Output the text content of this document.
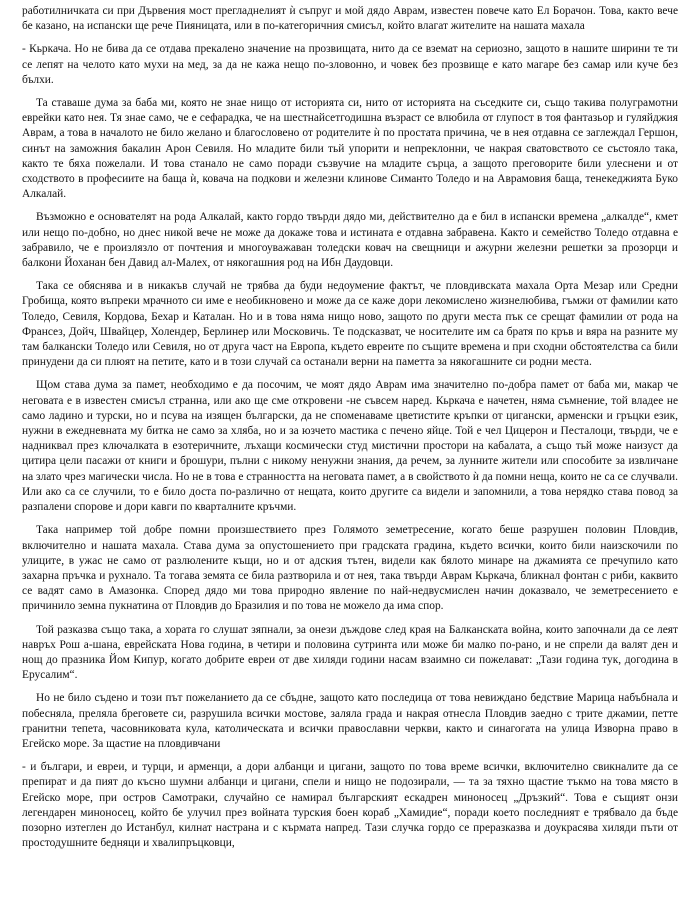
работилничката си при Дървения мост прегладнелият ѝ съпруг и мой дядо Аврам, известен повече като Ел Борачон. Това, както вече бе казано, на испански ще рече Пияницата, или в по-категоричния смисъл, който влагат жителите на нашата махала

- Кьркача. Но не бива да се отдава прекалено значение на прозвищата, нито да се вземат на сериозно, защото в нашите ширини те ти се лепят на челото като мухи на мед, за да не кажа нещо по-зловонно, и човек без прозвище е като магаре без самар или куче без бълхи.

Та ставаше дума за баба ми, която не знае нищо от историята си, нито от историята на съседките си, също такива полуграмотни еврейки като нея. Тя знае само, че е сефарадка, че на шестнайсетгодишна възраст се влюбила от глупост в тоя фантазьор и гуляйджия Аврам, а това в началото не било желано и благословено от родителите ѝ по простата причина, че в нея отдавна се заглеждал Гершон, синът на заможния бакалин Арон Севиля. Но младите били тьй упорити и непреклонни, че накрая сватовството се състояло така, както те бяха пожелали. И това станало не само поради съзвучие на младите сърца, а защото преговорите били улеснени и от сходството в професиите на баща ѝ, ковача на подкови и железни клинове Симанто Толедо и на Аврамовия баща, тенекеджията Буко Алкалай.

Възможно е основателят на рода Алкалай, както гордо твърди дядо ми, действително да е бил в испански времена „алкалде“, кмет или нещо по-добно, но днес никой вече не може да докаже това и истината е отдавна забравена. Както и семейство Толедо отдавна е забравило, че е произлязло от почтения и многоуважаван толедски ковач на свещници и ажурни железни решетки за прозорци и балкони Йоханан бен Давид ал-Малех, от някогашния род на Ибн Даудовци.

Така се обяснява и в никакъв случай не трябва да буди недоумение фактът, че пловдивската махала Орта Мезар или Средни Гробища, която въпреки мрачното си име е необикновено и може да се каже дори лекомислено жизнелюбива, гъмжи от фамилии като Толедо, Севиля, Кордова, Бехар и Каталан. Но и в това няма нищо ново, защото по други места пък се срещат фамилии от рода на Франсез, Дойч, Швайцер, Холендер, Берлинер или Московичь. Те подсказват, че носителите им са братя по кръв и вяра на разните му там балкански Толедо или Севиля, но от друга част на Европа, където евреите по същите времена и при сходни обстоятелства са били принудени да си плюят на петите, като и в този случай са останали верни на паметта за някогашните си родни места.

Щом става дума за памет, необходимо е да посочим, че моят дядо Аврам има значително по-добра памет от баба ми, макар че неговата е в известен смисъл странна, или ако ще сме откровени -не съвсем наред. Кьркача е начетен, няма съмнение, той владее не само ладино и турски, но и псува на изящен български, да не споменаваме цветистите кръпки от цигански, арменски и гръцки език, нужни в ежедневната му битка не само за хляба, но и за юзчето мастика с печено яйце. Той е чел Цицерон и Песталоци, твърди, че е надниквал през ключалката в езотеричните, лъхащи космически студ мистични простори на кабалата, а също тьй може наизуст да цитира цели пасажи от книги и брошури, пълни с никому ненужни знания, да речем, за лунните жители или способите за извличане на злато чрез магически числа. Но не в това е странността на неговата памет, а в свойството ѝ да помни неща, които не са се случвали. Или ако са се случили, то е било доста по-различно от нещата, които другите са видели и запомнили, а това нерядко става повод за разпалени спорове и дори кавги по кварталните кръчми.

Така например той добре помни произшествието през Голямото земетресение, когато беше разрушен половин Пловдив, включително и нашата махала. Става дума за опустошението при градската градина, където всички, които били наизскочили по улиците, в ужас не само от разлюлените къщи, но и от адския тътен, видели как бялото минаре на джамията се пречупило като захарна пръчка и рухнало. Та тогава земята се била разтворила и от нея, така твърди Аврам Кьркача, бликнал фонтан с риби, каквито се вадят само в Амазонка. Според дядо ми това природно явление по най-недвусмислен начин доказвало, че земетресението е причинило земна пукнатина от Пловдив до Бразилия и по това не можело да има спор.

Той разказва също така, а хората го слушат зяпнали, за онези дъждове след края на Балканската война, които започнали да се леят навръх Рош а-шана, еврейската Нова година, в четири и половина сутринта или може би малко по-рано, и не спрели да валят ден и нощ до празника Йом Кипур, когато добрите евреи от две хиляди години насам взаимно си пожелават: „Тази година тук, догодина в Ерусалим“.

Но не било съдено и този път пожеланието да се сбъдне, защото като последица от това невиждано бедствие Марица набъбнала и побесняла, преляла бреговете си, разрушила всички мостове, заляла града и накрая отнесла Пловдив заедно с трите джамии, петте гранитни тепета, часовниковата кула, католическата и всички православни черкви, както и синагогата на улица Изворна право в Егейско море. За щастие на пловдивчани

- и българи, и евреи, и турци, и арменци, а дори албанци и цигани, защото по това време всички, включително свикналите да се препират и да пият до късно шумни албанци и цигани, спели и нищо не подозирали, — та за тяхно щастие тъкмо на това място в Егейско море, при остров Самотраки, случайно се намирал българският ескадрен миноносец „Дръзкий“. Това е същият онзи легендарен миноносец, който бе улучил през войната турския боен кораб „Хамидие“, поради което последният е трябвало да бъде позорно изтеглен до Истанбул, килнат настрана и с кърмата напред. Тази случка гордо се преразказва и доукрасява хиляди пъти от простодушните бедняци и хвалипръцковци,
